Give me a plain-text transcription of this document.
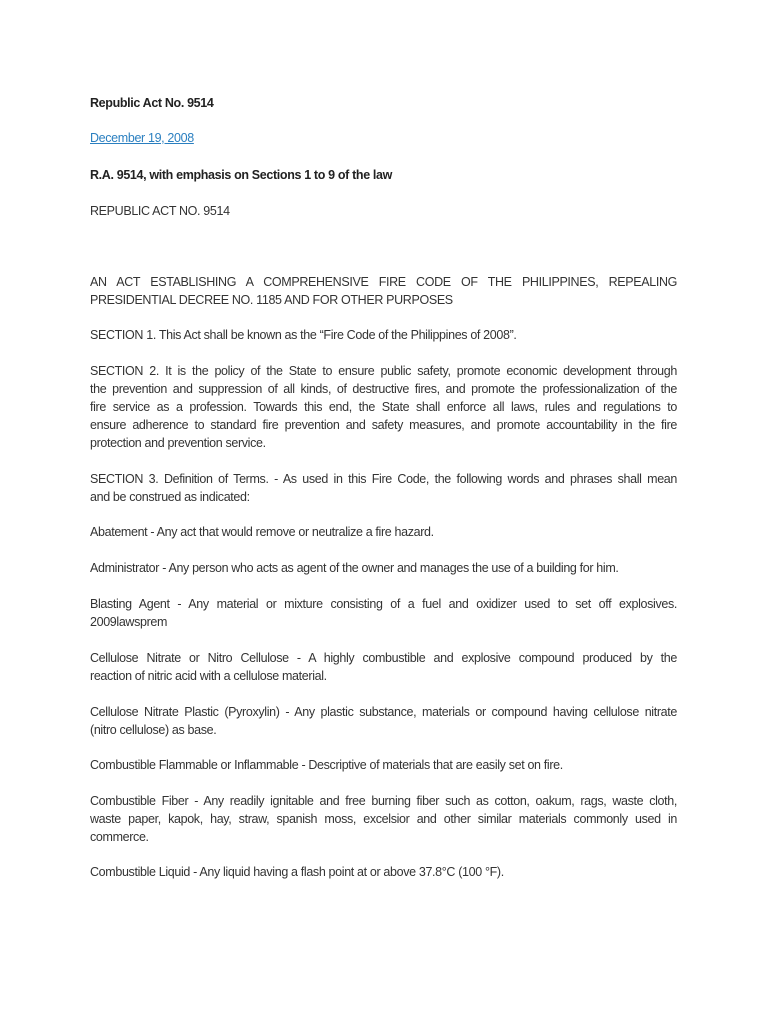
Republic Act No. 9514
December 19, 2008
R.A. 9514, with emphasis on Sections 1 to 9 of the law
REPUBLIC ACT NO. 9514
AN ACT ESTABLISHING A COMPREHENSIVE FIRE CODE OF THE PHILIPPINES, REPEALING
PRESIDENTIAL DECREE NO. 1185 AND FOR OTHER PURPOSES
SECTION 1. This Act shall be known as the “Fire Code of the Philippines of 2008”.
SECTION 2. It is the policy of the State to ensure public safety, promote economic development through
the prevention and suppression of all kinds, of destructive fires, and promote the professionalization of the
fire service as a profession. Towards this end, the State shall enforce all laws, rules and regulations to
ensure adherence to standard fire prevention and safety measures, and promote accountability in the fire
protection and prevention service.
SECTION 3. Definition of Terms. - As used in this Fire Code, the following words and phrases shall mean
and be construed as indicated:
Abatement - Any act that would remove or neutralize a fire hazard.
Administrator - Any person who acts as agent of the owner and manages the use of a building for him.
Blasting Agent - Any material or mixture consisting of a fuel and oxidizer used to set off explosives.
2009lawsprem
Cellulose Nitrate or Nitro Cellulose - A highly combustible and explosive compound produced by the
reaction of nitric acid with a cellulose material.
Cellulose Nitrate Plastic (Pyroxylin) - Any plastic substance, materials or compound having cellulose nitrate
(nitro cellulose) as base.
Combustible Flammable or Inflammable - Descriptive of materials that are easily set on fire.
Combustible Fiber - Any readily ignitable and free burning fiber such as cotton, oakum, rags, waste cloth,
waste paper, kapok, hay, straw, spanish moss, excelsior and other similar materials commonly used in
commerce.
Combustible Liquid - Any liquid having a flash point at or above 37.8°C (100 °F).
